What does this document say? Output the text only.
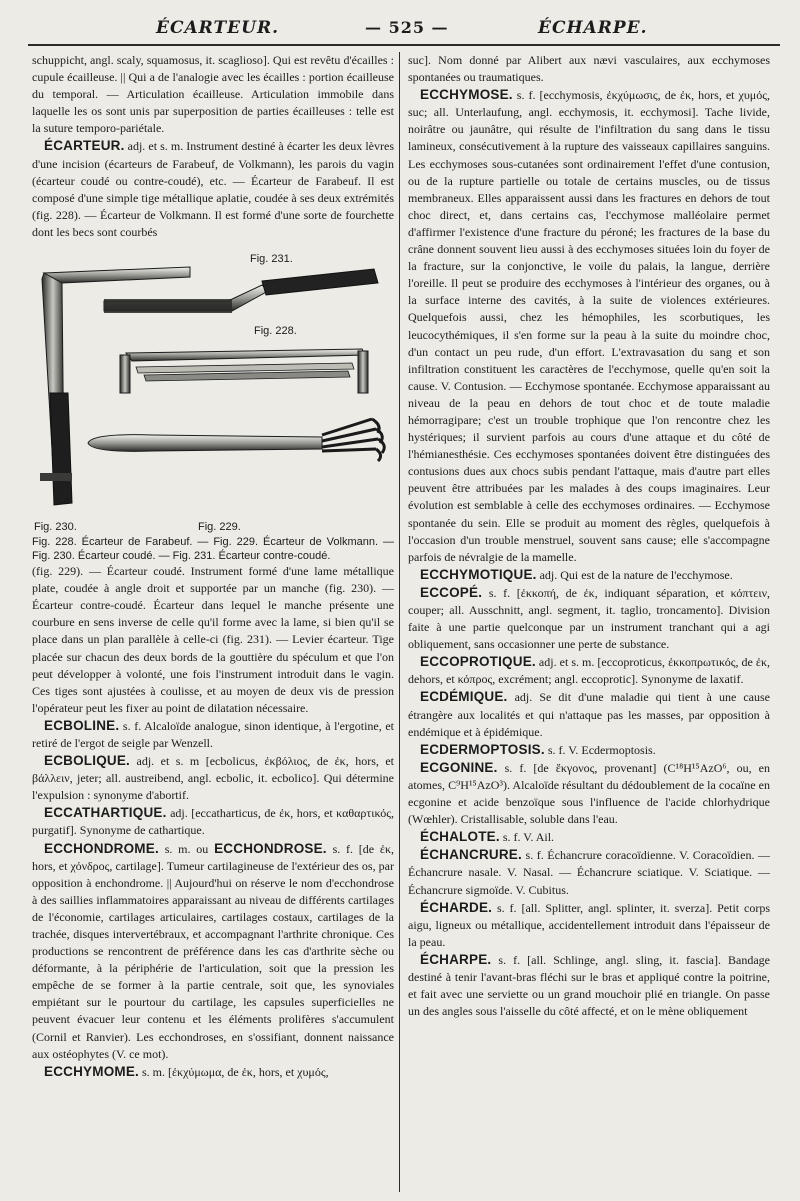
ÉCARTEUR.	— 525 —	ÉCHARPE.

schuppicht, angl. scaly, squamosus, it. scaglioso]. Qui est revêtu d'écailles : cupule écailleuse. || Qui a de l'analogie avec les écailles : portion écailleuse du temporal. — Articulation écailleuse. Articulation immobile dans laquelle les os sont unis par superposition de parties écailleuses : telle est la suture temporo-pariétale.

ÉCARTEUR. adj. et s. m. Instrument destiné à écarter les deux lèvres d'une incision (écarteurs de Farabeuf, de Volkmann), les parois du vagin (écarteur coudé ou contre-coudé), etc. — Écarteur de Farabeuf. Il est composé d'une simple tige métallique aplatie, coudée à ses deux extrémités (fig. 228). — Écarteur de Volkmann. Il est formé d'une sorte de fourchette dont les becs sont courbés

Fig. 231.
Fig. 228.
Fig. 230.	Fig. 229.

Fig. 228. Écarteur de Farabeuf. — Fig. 229. Écarteur de Volkmann. — Fig. 230. Écarteur coudé. — Fig. 231. Écarteur contre-coudé.

(fig. 229). — Écarteur coudé. Instrument formé d'une lame métallique plate, coudée à angle droit et supportée par un manche (fig. 230). — Écarteur contre-coudé. Écarteur dans lequel le manche présente une courbure en sens inverse de celle qu'il forme avec la lame, si bien qu'il se place dans un plan parallèle à celle-ci (fig. 231). — Levier écarteur. Tige placée sur chacun des deux bords de la gouttière du spéculum et que l'on peut développer à volonté, une fois l'instrument introduit dans le vagin. Ces tiges sont ajustées à coulisse, et au moyen de deux vis de pression l'opérateur peut les fixer au point de dilatation nécessaire.

ECBOLINE. s. f. Alcaloïde analogue, sinon identique, à l'ergotine, et retiré de l'ergot de seigle par Wenzell.

ECBOLIQUE. adj. et s. m [ecbolicus, ἐκβόλιος, de ἐκ, hors, et βάλλειν, jeter; all. austreibend, angl. ecbolic, it. ecbolico]. Qui détermine l'expulsion : synonyme d'abortif.

ECCATHARTIQUE. adj. [eccatharticus, de ἐκ, hors, et καθαρτικός, purgatif]. Synonyme de cathartique.

ECCHONDROME. s. m. ou ECCHONDROSE. s. f. [de ἐκ, hors, et χόνδρος, cartilage]. Tumeur cartilagineuse de l'extérieur des os, par opposition à enchondrome. || Aujourd'hui on réserve le nom d'ecchondrose à des saillies inflammatoires apparaissant au niveau de différents cartilages de l'économie, cartilages articulaires, cartilages costaux, cartilages de la trachée, disques intervertébraux, et accompagnant l'arthrite chronique. Ces productions se rencontrent de préférence dans les cas d'arthrite sèche ou déformante, à la périphérie de l'articulation, soit que la pression les empêche de se former à la partie centrale, soit que, les synoviales empiétant sur le pourtour du cartilage, les capsules superficielles ne peuvent évacuer leur contenu et les éléments prolifères s'accumulent (Cornil et Ranvier). Les ecchondroses, en s'ossifiant, donnent naissance aux ostéophytes (V. ce mot).

ECCHYMOME. s. m. [ἐκχύμωμα, de ἐκ, hors, et χυμός,

suc]. Nom donné par Alibert aux nævi vasculaires, aux ecchymoses spontanées ou traumatiques.

ECCHYMOSE. s. f. [ecchymosis, ἐκχύμωσις, de ἐκ, hors, et χυμός, suc; all. Unterlaufung, angl. ecchymosis, it. ecchymosi]. Tache livide, noirâtre ou jaunâtre, qui résulte de l'infiltration du sang dans le tissu lamineux, consécutivement à la rupture des vaisseaux capillaires sanguins. Les ecchymoses sous-cutanées sont ordinairement l'effet d'une contusion, ou de la rupture partielle ou totale de certains muscles, ou de tissus membraneux. Elles apparaissent aussi dans les fractures en dehors de tout choc direct, et, dans certains cas, l'ecchymose malléolaire permet d'affirmer l'existence d'une fracture du péroné; les fractures de la base du crâne donnent souvent lieu aussi à des ecchymoses situées loin du foyer de la fracture, sur la conjonctive, le voile du palais, la langue, derrière l'oreille. Il peut se produire des ecchymoses à l'intérieur des organes, ou à la surface interne des cavités, à la suite de violences extérieures. Quelquefois aussi, chez les hémophiles, les scorbutiques, les leucocythémiques, il s'en forme sur la peau à la suite du moindre choc, d'un contact un peu rude, d'un effort. L'extravasation du sang et son infiltration constituent les caractères de l'ecchymose, quelle qu'en soit la cause. V. Contusion. — Ecchymose spontanée. Ecchymose apparaissant au niveau de la peau en dehors de tout choc et de toute maladie hémorragipare; c'est un trouble trophique que l'on rencontre chez les hystériques; il survient parfois au cours d'une attaque et du côté de l'hémianesthésie. Ces ecchymoses spontanées doivent être distinguées des contusions dues aux chocs subis pendant l'attaque, mais d'autre part elles peuvent être attribuées par les malades à des coups imaginaires. Leur évolution est semblable à celle des ecchymoses ordinaires. — Ecchymose spontanée du sein. Elle se produit au moment des règles, quelquefois à l'occasion d'un trouble menstruel, souvent sans cause; elle s'accompagne parfois de névralgie de la mamelle.

ECCHYMOTIQUE. adj. Qui est de la nature de l'ecchymose.

ECCOPÉ. s. f. [ἐκκοπή, de ἐκ, indiquant séparation, et κόπτειν, couper; all. Ausschnitt, angl. segment, it. taglio, troncamento]. Division faite à une partie quelconque par un instrument tranchant qui a agi obliquement, sans occasionner une perte de substance.

ECCOPROTIQUE. adj. et s. m. [eccoproticus, ἐκκοπρωτικός, de ἐκ, dehors, et κόπρος, excrément; angl. eccoprotic]. Synonyme de laxatif.

ECDÉMIQUE. adj. Se dit d'une maladie qui tient à une cause étrangère aux localités et qui n'attaque pas les masses, par opposition à endémique et à épidémique.

ECDERMOPTOSIS. s. f. V. Ecdermoptosis.

ECGONINE. s. f. [de ἔκγονος, provenant] (C¹⁸H¹⁵AzO⁶, ou, en atomes, C⁹H¹⁵AzO³). Alcaloïde résultant du dédoublement de la cocaïne en ecgonine et acide benzoïque sous l'influence de l'acide chlorhydrique (Wœhler). Cristallisable, soluble dans l'eau.

ÉCHALOTE. s. f. V. Ail.

ÉCHANCRURE. s. f. Échancrure coracoïdienne. V. Coracoïdien. — Échancrure nasale. V. Nasal. — Échancrure sciatique. V. Sciatique. — Échancrure sigmoïde. V. Cubitus.

ÉCHARDE. s. f. [all. Splitter, angl. splinter, it. sverza]. Petit corps aigu, ligneux ou métallique, accidentellement introduit dans l'épaisseur de la peau.

ÉCHARPE. s. f. [all. Schlinge, angl. sling, it. fascia]. Bandage destiné à tenir l'avant-bras fléchi sur le bras et appliqué contre la poitrine, et fait avec une serviette ou un grand mouchoir plié en triangle. On passe un des angles sous l'aisselle du côté affecté, et on le mène obliquement
